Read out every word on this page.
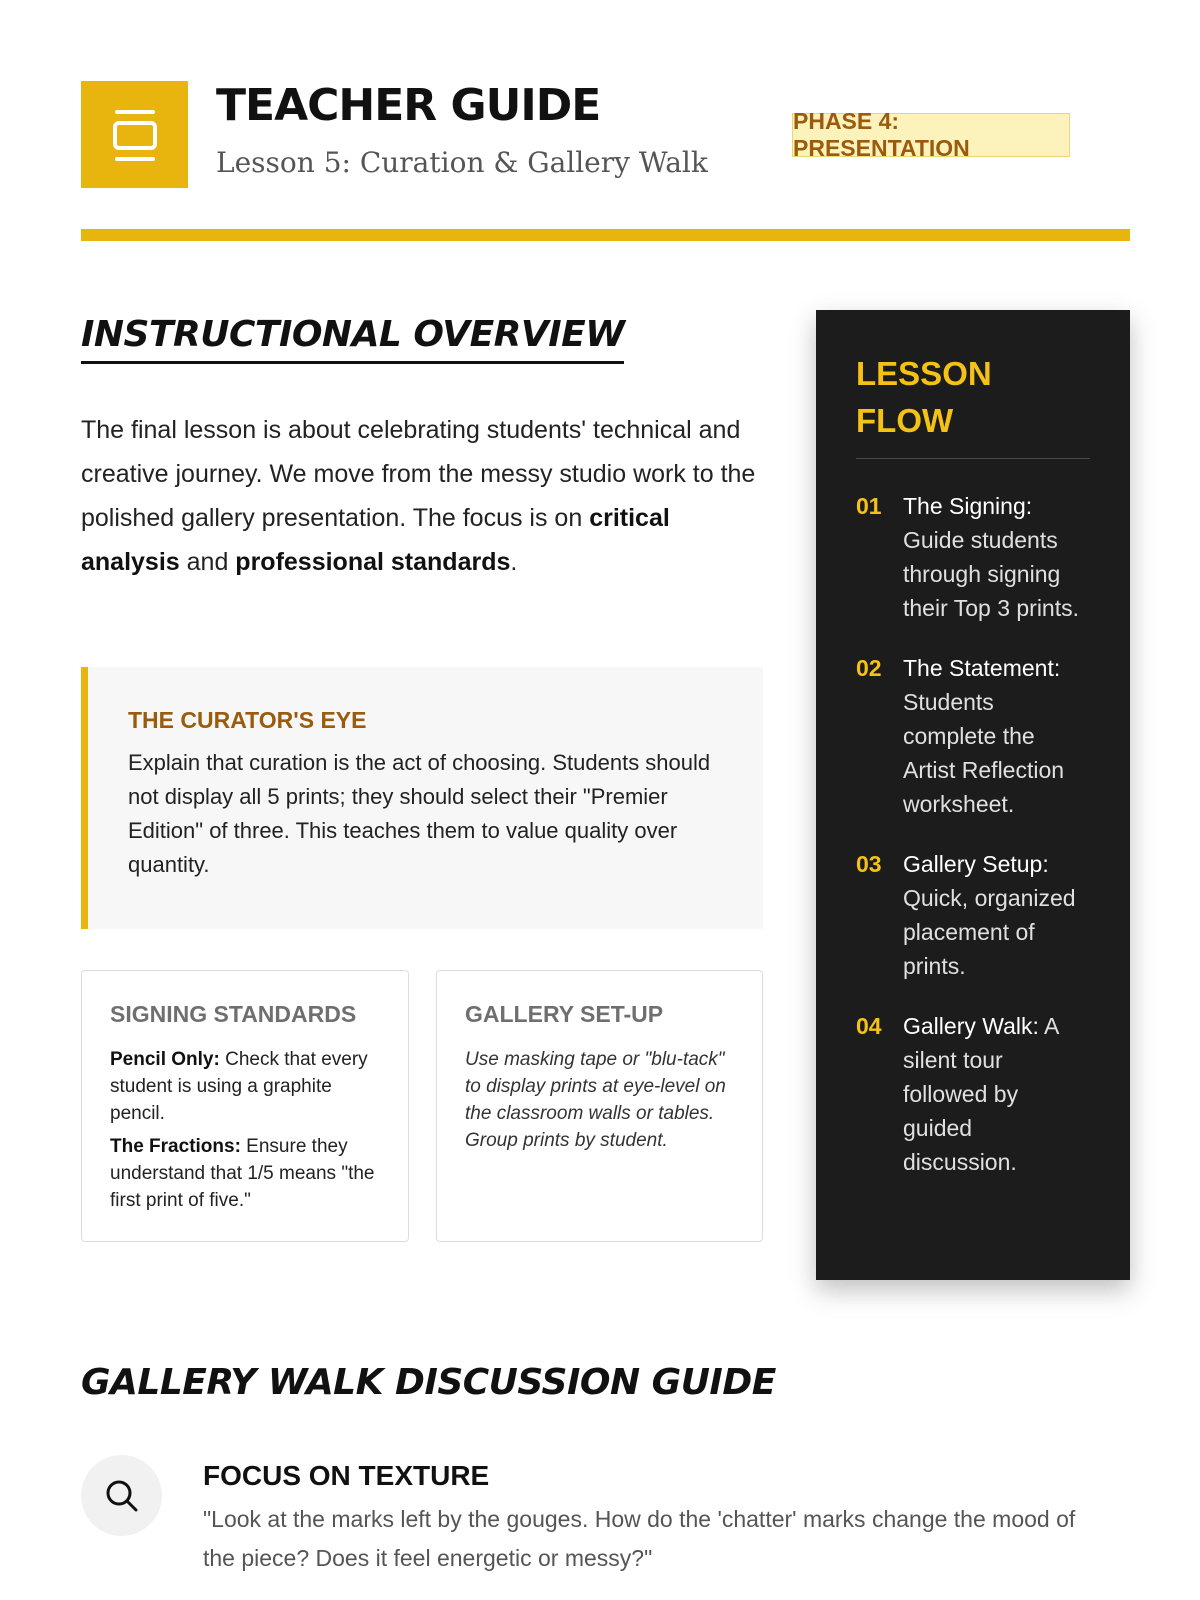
TEACHER GUIDE

Lesson 5: Curation & Gallery Walk

PHASE 4: PRESENTATION
INSTRUCTIONAL OVERVIEW

The final lesson is about celebrating students' technical and creative journey. We move from the messy studio work to the polished gallery presentation. The focus is on critical analysis and professional standards.

THE CURATOR'S EYE

Explain that curation is the act of choosing. Students should not display all 5 prints; they should select their "Premier Edition" of three. This teaches them to value quality over quantity.

SIGNING STANDARDS

Pencil Only: Check that every student is using a graphite pencil.

The Fractions: Ensure they understand that 1/5 means "the first print of five."

GALLERY SET-UP

Use masking tape or "blu-tack" to display prints at eye-level on the classroom walls or tables. Group prints by student.

LESSON FLOW
01 The Signing: Guide students through signing their Top 3 prints.
02 The Statement: Students complete the Artist Reflection worksheet.
03 Gallery Setup: Quick, organized placement of prints.
04 Gallery Walk: A silent tour followed by guided discussion.
GALLERY WALK DISCUSSION GUIDE
FOCUS ON TEXTURE

"Look at the marks left by the gouges. How do the 'chatter' marks change the mood of the piece? Does it feel energetic or messy?"
